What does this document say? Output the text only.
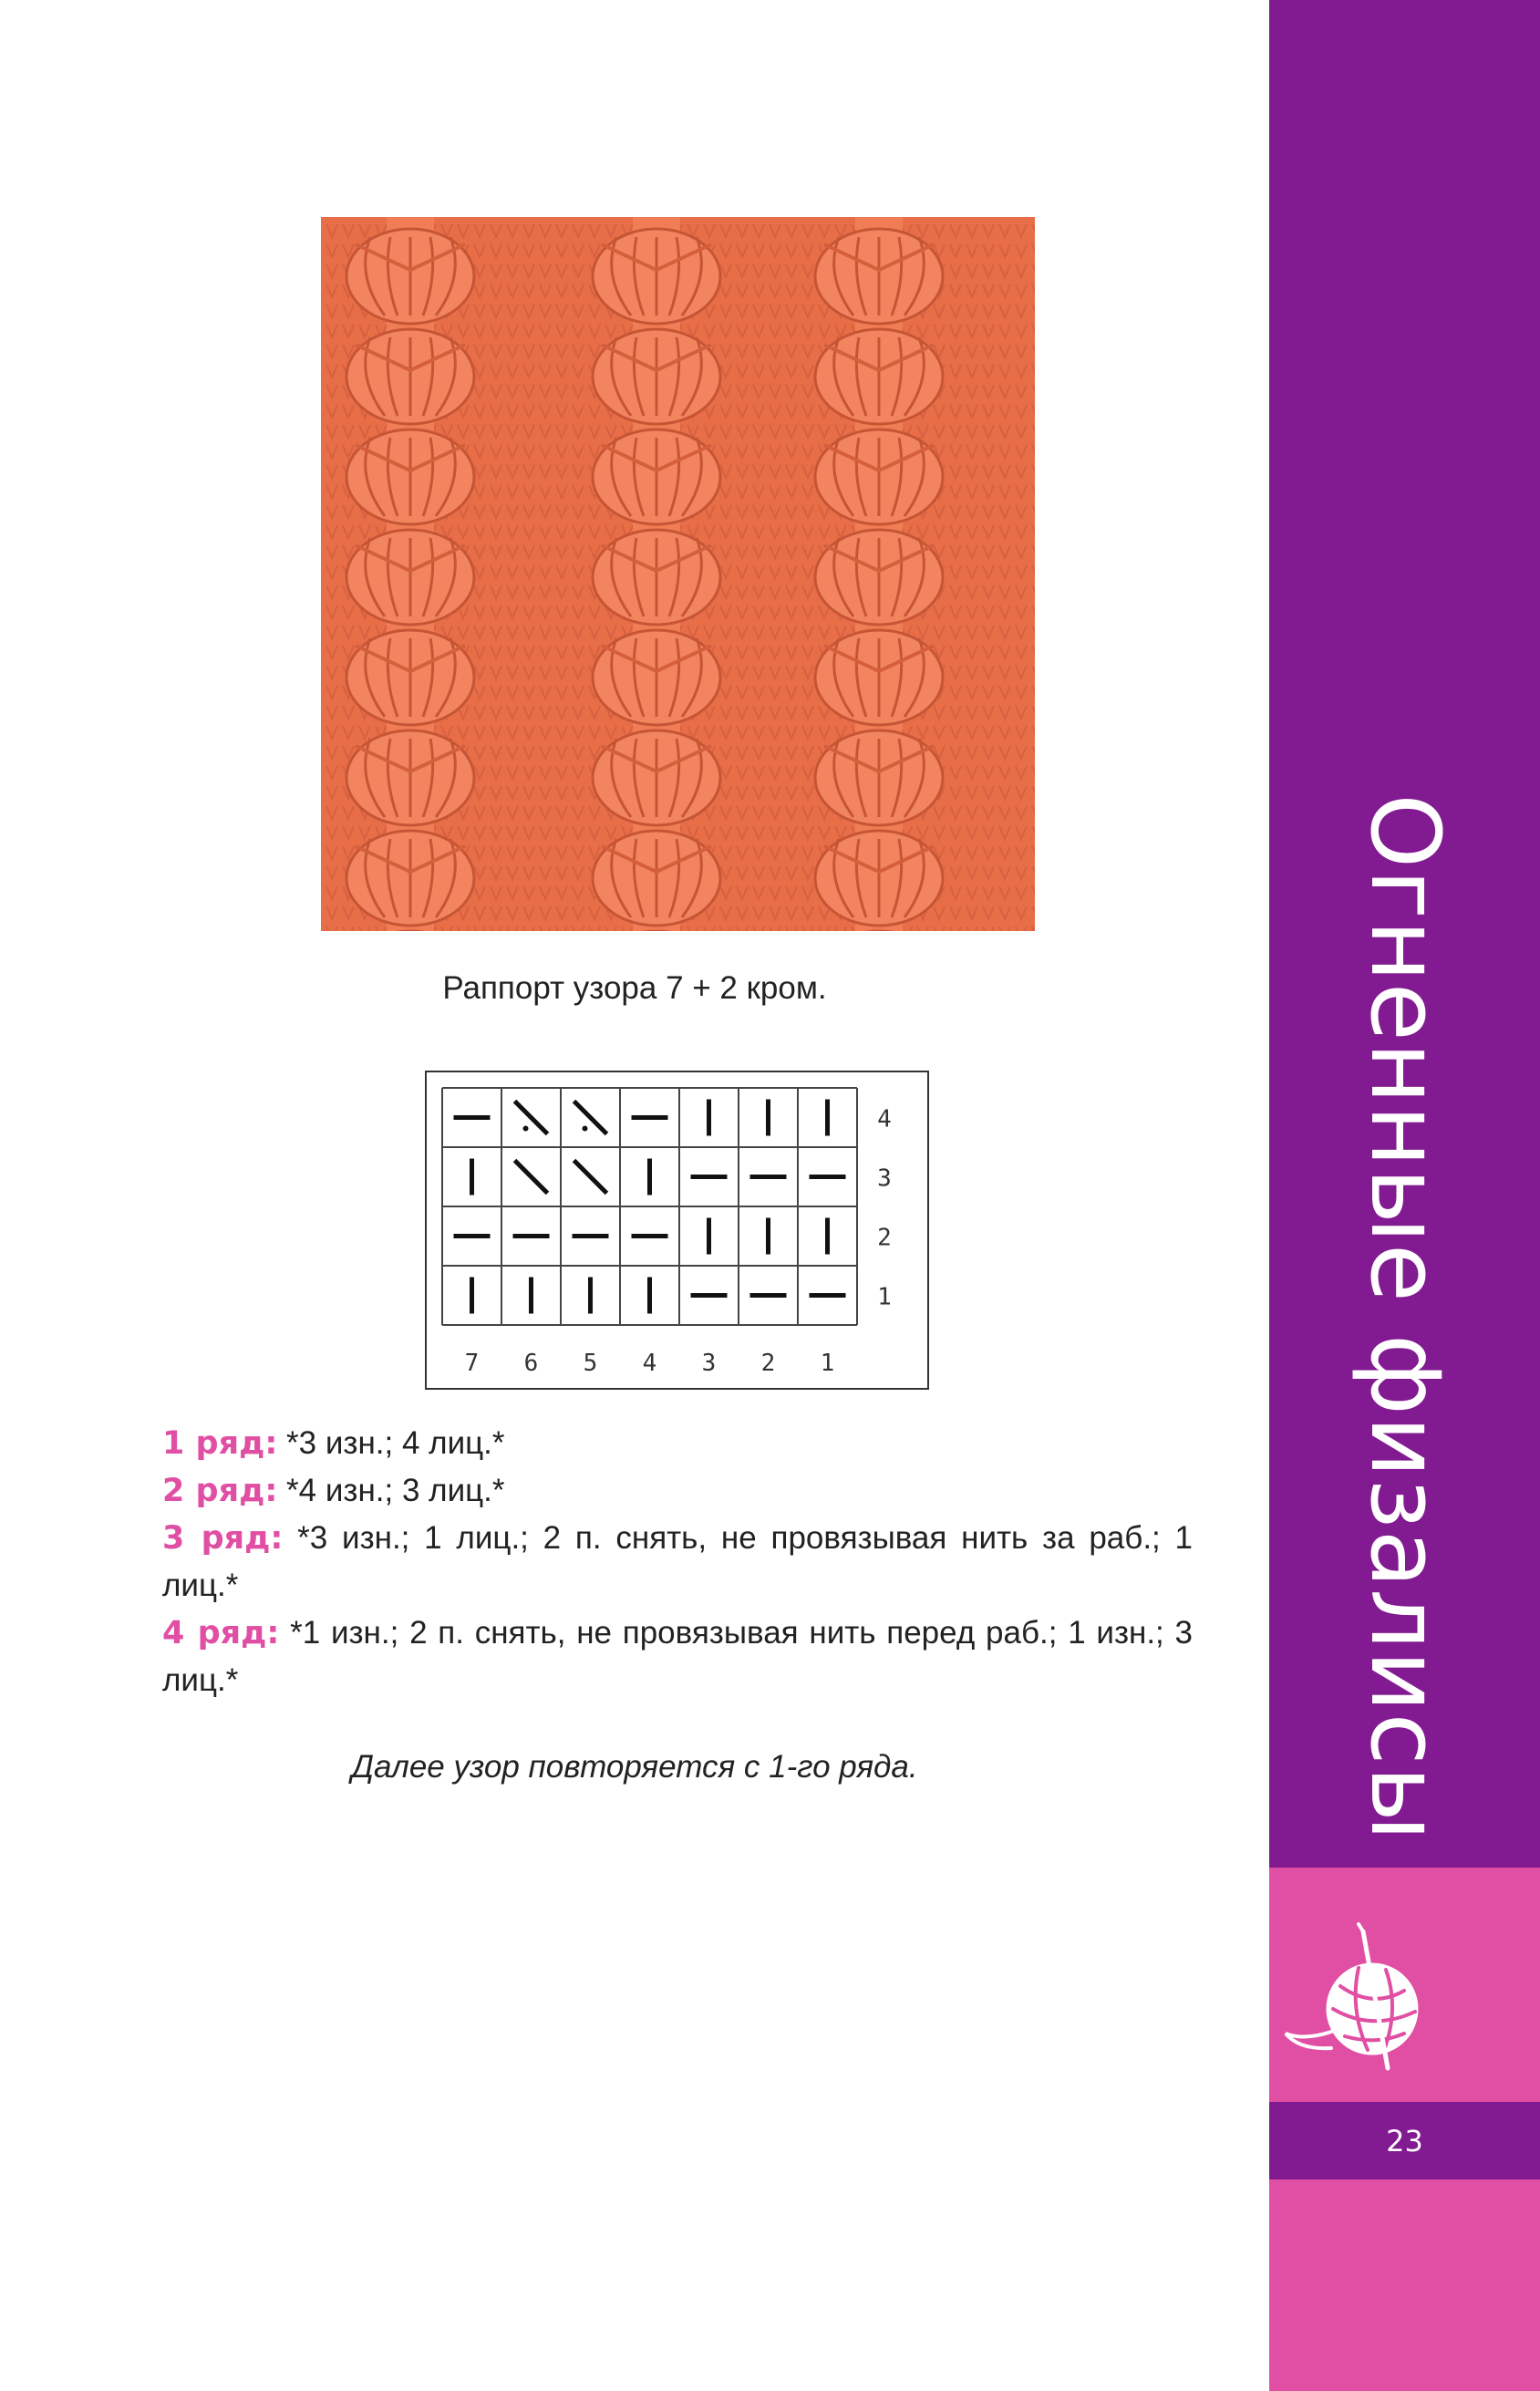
Раппорт узора 7 + 2 кром.
4
3
2
1
7 6 5 4 3 2 1
1 ряд: *3 изн.; 4 лиц.*
2 ряд: *4 изн.; 3 лиц.*
3 ряд: *3 изн.; 1 лиц.; 2 п. снять, не провязывая нить за раб.; 1 лиц.*
4 ряд: *1 изн.; 2 п. снять, не провязывая нить перед раб.; 1 изн.; 3 лиц.*
Далее узор повторяется с 1-го ряда.	Огненные физалисы
23
